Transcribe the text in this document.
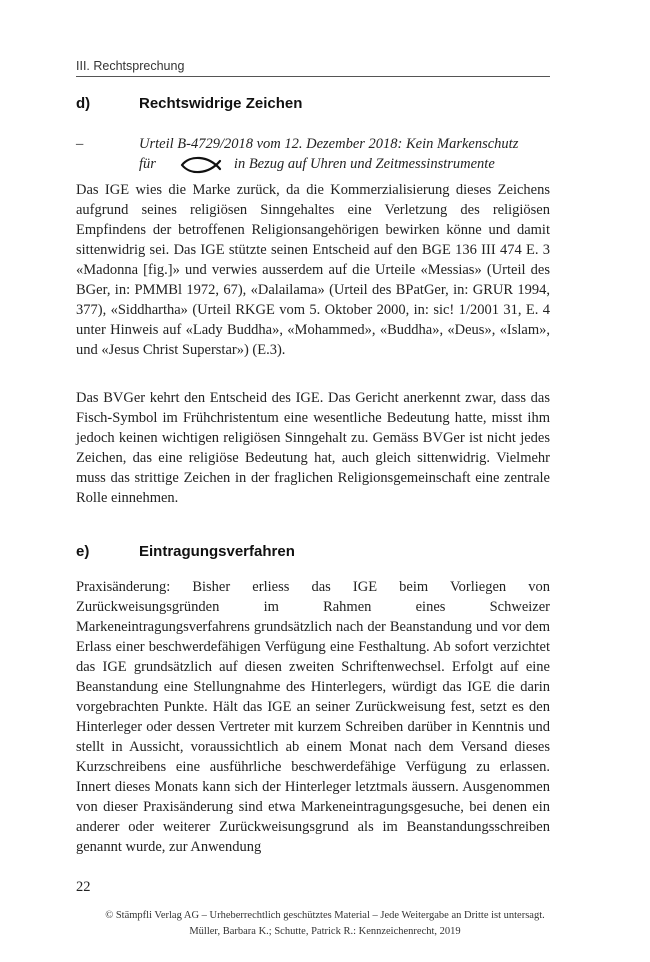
III. Rechtsprechung
d)	Rechtswidrige Zeichen
–	Urteil B-4729/2018 vom 12. Dezember 2018: Kein Markenschutz
für	in Bezug auf Uhren und Zeitmessinstrumente
Das IGE wies die Marke zurück, da die Kommerzialisierung dieses Zeichens aufgrund seines religiösen Sinngehaltes eine Verletzung des religiösen Empfindens der betroffenen Religionsangehörigen bewirken könne und damit sittenwidrig sei. Das IGE stützte seinen Entscheid auf den BGE 136 III 474 E. 3 «Madonna [fig.]» und verwies ausserdem auf die Urteile «Messias» (Urteil des BGer, in: PMMBl 1972, 67), «Dalailama» (Urteil des BPatGer, in: GRUR 1994, 377), «Siddhartha» (Urteil RKGE vom 5. Oktober 2000, in: sic! 1/2001 31, E. 4 unter Hinweis auf «Lady Buddha», «Mohammed», «Buddha», «Deus», «Islam», und «Jesus Christ Superstar») (E.3).
Das BVGer kehrt den Entscheid des IGE. Das Gericht anerkennt zwar, dass das Fisch-Symbol im Frühchristentum eine wesentliche Bedeutung hatte, misst ihm jedoch keinen wichtigen religiösen Sinngehalt zu. Gemäss BVGer ist nicht jedes Zeichen, das eine religiöse Bedeutung hat, auch gleich sittenwidrig. Vielmehr muss das strittige Zeichen in der fraglichen Religionsgemeinschaft eine zentrale Rolle einnehmen.
e)	Eintragungsverfahren
Praxisänderung: Bisher erliess das IGE beim Vorliegen von Zurückweisungsgründen im Rahmen eines Schweizer Markeneintragungsverfahrens grundsätzlich nach der Beanstandung und vor dem Erlass einer beschwerdefähigen Verfügung eine Festhaltung. Ab sofort verzichtet das IGE grundsätzlich auf diesen zweiten Schriftenwechsel. Erfolgt auf eine Beanstandung eine Stellungnahme des Hinterlegers, würdigt das IGE die darin vorgebrachten Punkte. Hält das IGE an seiner Zurückweisung fest, setzt es den Hinterleger oder dessen Vertreter mit kurzem Schreiben darüber in Kenntnis und stellt in Aussicht, voraussichtlich ab einem Monat nach dem Versand dieses Kurzschreibens eine ausführliche beschwerdefähige Verfügung zu erlassen. Innert dieses Monats kann sich der Hinterleger letztmals äussern. Ausgenommen von dieser Praxisänderung sind etwa Markeneintragungsgesuche, bei denen ein anderer oder weiterer Zurückweisungsgrund als im Beanstandungsschreiben genannt wurde, zur Anwendung
22
© Stämpfli Verlag AG – Urheberrechtlich geschütztes Material – Jede Weitergabe an Dritte ist untersagt.
Müller, Barbara K.; Schutte, Patrick R.: Kennzeichenrecht, 2019
